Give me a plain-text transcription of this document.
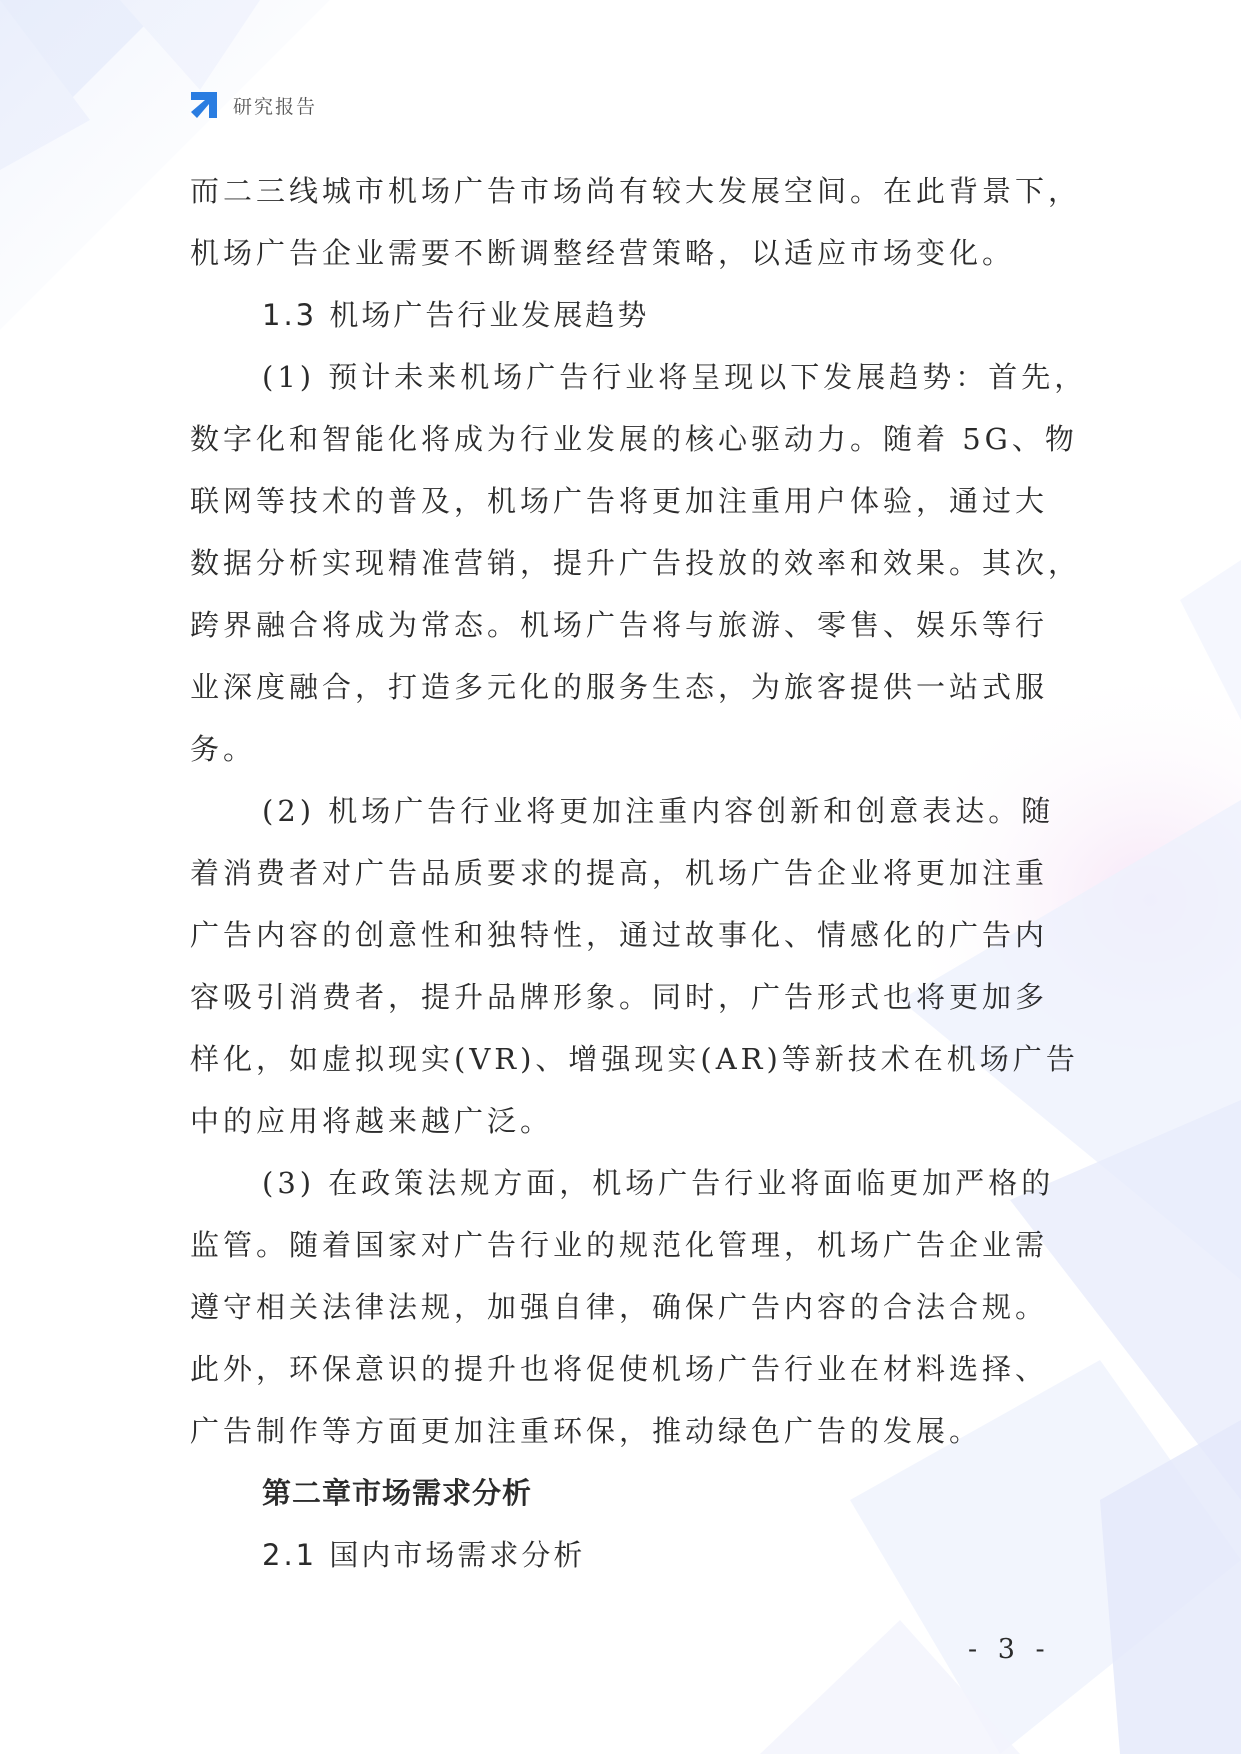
研究报告
而二三线城市机场广告市场尚有较大发展空间。在此背景下，
机场广告企业需要不断调整经营策略，以适应市场变化。
1.3 机场广告行业发展趋势
(1) 预计未来机场广告行业将呈现以下发展趋势：首先，
数字化和智能化将成为行业发展的核心驱动力。随着 5G、物
联网等技术的普及，机场广告将更加注重用户体验，通过大
数据分析实现精准营销，提升广告投放的效率和效果。其次，
跨界融合将成为常态。机场广告将与旅游、零售、娱乐等行
业深度融合，打造多元化的服务生态，为旅客提供一站式服
务。
(2) 机场广告行业将更加注重内容创新和创意表达。随
着消费者对广告品质要求的提高，机场广告企业将更加注重
广告内容的创意性和独特性，通过故事化、情感化的广告内
容吸引消费者，提升品牌形象。同时，广告形式也将更加多
样化，如虚拟现实(VR)、增强现实(AR)等新技术在机场广告
中的应用将越来越广泛。
(3) 在政策法规方面，机场广告行业将面临更加严格的
监管。随着国家对广告行业的规范化管理，机场广告企业需
遵守相关法律法规，加强自律，确保广告内容的合法合规。
此外，环保意识的提升也将促使机场广告行业在材料选择、
广告制作等方面更加注重环保，推动绿色广告的发展。
第二章市场需求分析
2.1 国内市场需求分析
- 3 -
